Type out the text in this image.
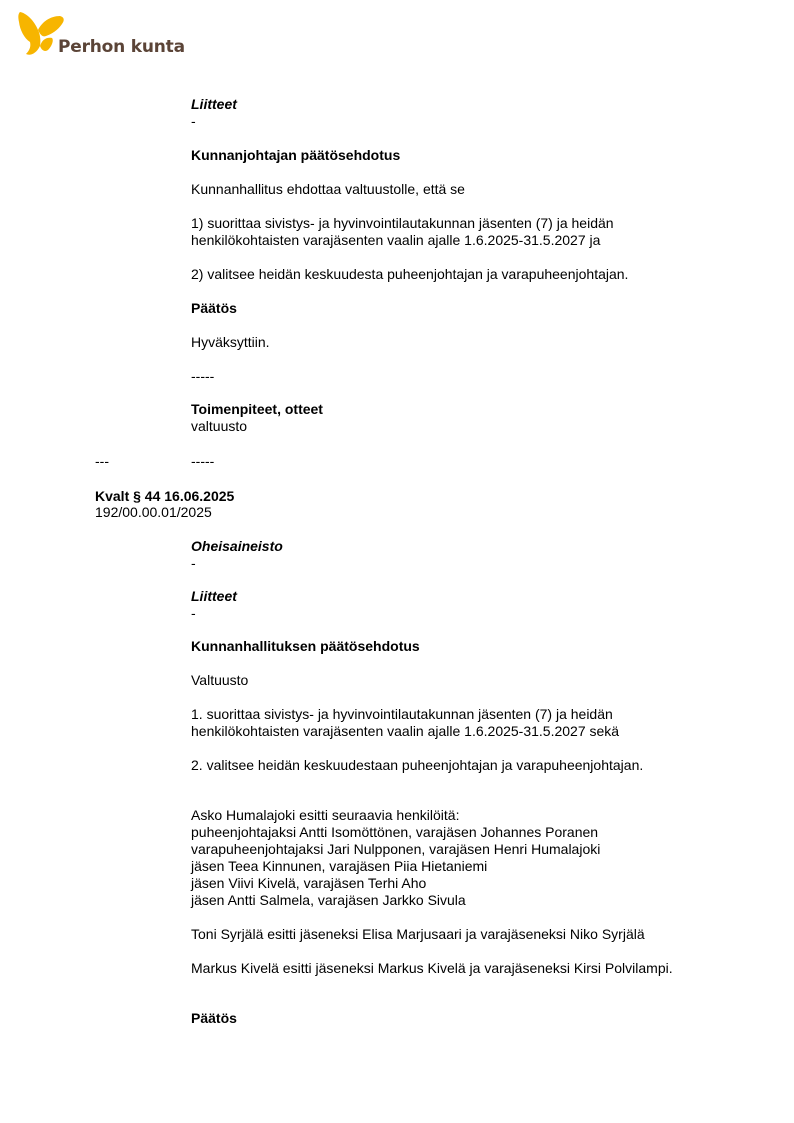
Perhon kunta
Liitteet
-
Kunnanjohtajan päätösehdotus
Kunnanhallitus ehdottaa valtuustolle, että se
1) suorittaa sivistys- ja hyvinvointilautakunnan jäsenten (7) ja heidän
henkilökohtaisten varajäsenten vaalin ajalle 1.6.2025-31.5.2027 ja
2) valitsee heidän keskuudesta puheenjohtajan ja varapuheenjohtajan.
Päätös
Hyväksyttiin.
-----
Toimenpiteet, otteet
valtuusto
---	-----
Kvalt § 44 16.06.2025
192/00.00.01/2025
Oheisaineisto
-
Liitteet
-
Kunnanhallituksen päätösehdotus
Valtuusto
1. suorittaa sivistys- ja hyvinvointilautakunnan jäsenten (7) ja heidän
henkilökohtaisten varajäsenten vaalin ajalle 1.6.2025-31.5.2027 sekä
2. valitsee heidän keskuudestaan puheenjohtajan ja varapuheenjohtajan.
Asko Humalajoki esitti seuraavia henkilöitä:
puheenjohtajaksi Antti Isomöttönen, varajäsen Johannes Poranen
varapuheenjohtajaksi Jari Nulpponen, varajäsen Henri Humalajoki
jäsen Teea Kinnunen, varajäsen Piia Hietaniemi
jäsen Viivi Kivelä, varajäsen Terhi Aho
jäsen Antti Salmela, varajäsen Jarkko Sivula
Toni Syrjälä esitti jäseneksi Elisa Marjusaari ja varajäseneksi Niko Syrjälä
Markus Kivelä esitti jäseneksi Markus Kivelä ja varajäseneksi Kirsi Polvilampi.
Päätös
